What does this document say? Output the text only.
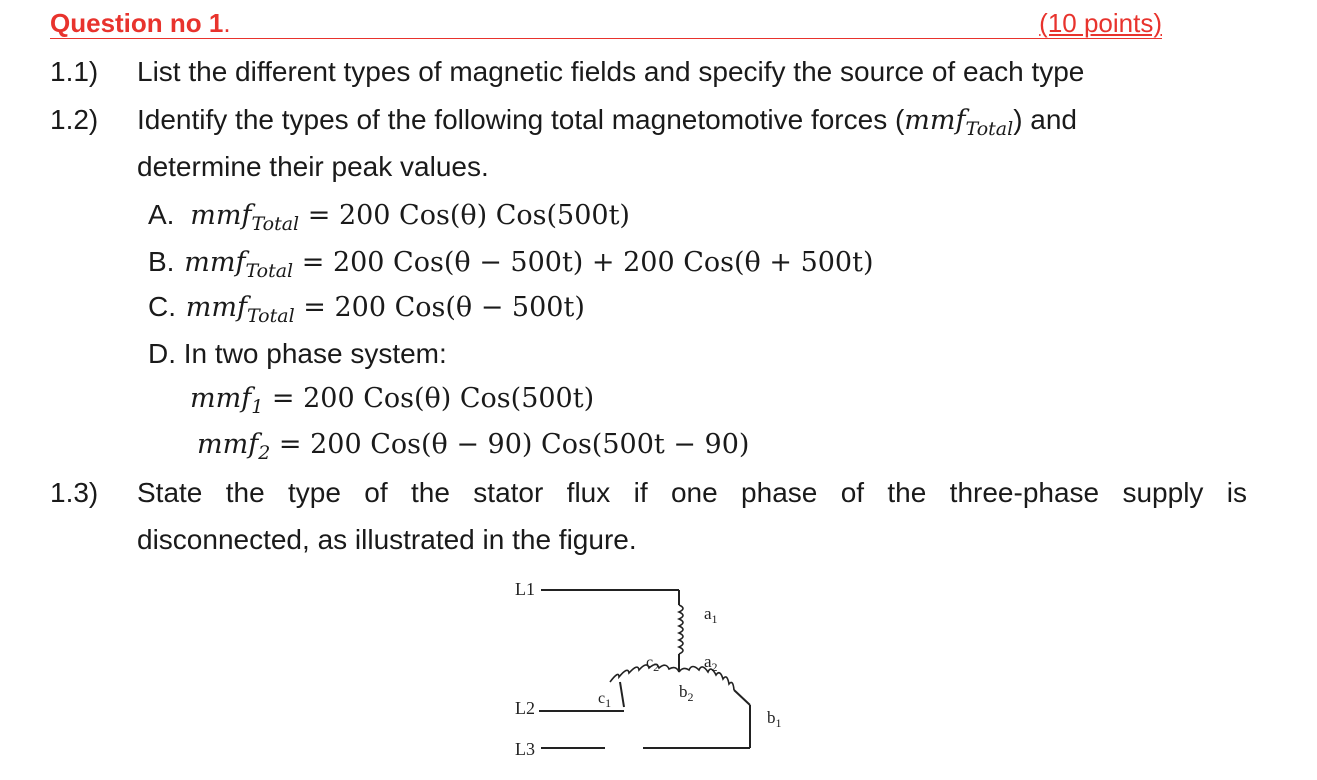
Question no 1.	(10 points)
1.1) List the different types of magnetic fields and specify the source of each type
1.2) Identify the types of the following total magnetomotive forces (mmf$_{Total}$) and
determine their peak values.
A. mmf$_{Total}$ = 200 Cos(θ) Cos(500t)
B. mmf$_{Total}$ = 200 Cos(θ − 500t) + 200 Cos(θ + 500t)
C. mmf$_{Total}$ = 200 Cos(θ − 500t)
D. In two phase system:
mmf$_1$ = 200 Cos(θ) Cos(500t)
mmf$_2$ = 200 Cos(θ − 90) Cos(500t − 90)
1.3) State the type of the stator flux if one phase of the three-phase supply is
disconnected, as illustrated in the figure.
L1
$a_1$
$a_2$
$c_2$
$c_1$
$b_2$
$b_1$
L2
L3
